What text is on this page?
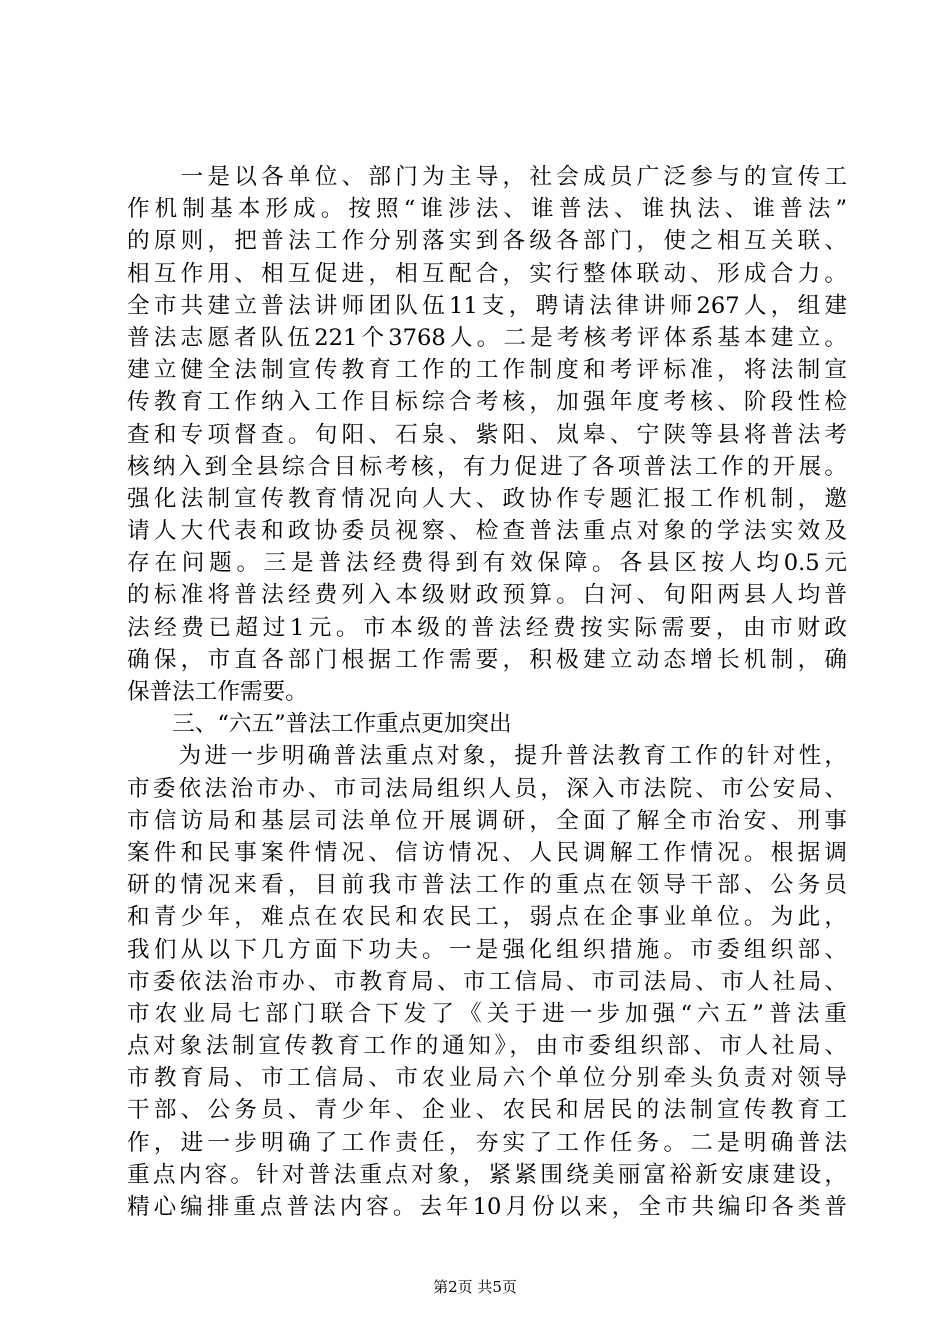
　　一是以各单位、部门为主导，社会成员广泛参与的宣传工
作机制基本形成。按照“谁涉法、谁普法、谁执法、谁普法”
的原则，把普法工作分别落实到各级各部门，使之相互关联、
相互作用、相互促进，相互配合，实行整体联动、形成合力。
全市共建立普法讲师团队伍11支，聘请法律讲师267人，组建
普法志愿者队伍221个3768人。二是考核考评体系基本建立。
建立健全法制宣传教育工作的工作制度和考评标准，将法制宣
传教育工作纳入工作目标综合考核，加强年度考核、阶段性检
查和专项督查。旬阳、石泉、紫阳、岚皋、宁陕等县将普法考
核纳入到全县综合目标考核，有力促进了各项普法工作的开展。
强化法制宣传教育情况向人大、政协作专题汇报工作机制，邀
请人大代表和政协委员视察、检查普法重点对象的学法实效及
存在问题。三是普法经费得到有效保障。各县区按人均0.5元
的标准将普法经费列入本级财政预算。白河、旬阳两县人均普
法经费已超过1元。市本级的普法经费按实际需要，由市财政
确保，市直各部门根据工作需要，积极建立动态增长机制，确
保普法工作需要。
　　三、“六五”普法工作重点更加突出
　　为进一步明确普法重点对象，提升普法教育工作的针对性，
市委依法治市办、市司法局组织人员，深入市法院、市公安局、
市信访局和基层司法单位开展调研，全面了解全市治安、刑事
案件和民事案件情况、信访情况、人民调解工作情况。根据调
研的情况来看，目前我市普法工作的重点在领导干部、公务员
和青少年，难点在农民和农民工，弱点在企事业单位。为此，
我们从以下几方面下功夫。一是强化组织措施。市委组织部、
市委依法治市办、市教育局、市工信局、市司法局、市人社局、
市农业局七部门联合下发了《关于进一步加强“六五”普法重
点对象法制宣传教育工作的通知》，由市委组织部、市人社局、
市教育局、市工信局、市农业局六个单位分别牵头负责对领导
干部、公务员、青少年、企业、农民和居民的法制宣传教育工
作，进一步明确了工作责任，夯实了工作任务。二是明确普法
重点内容。针对普法重点对象，紧紧围绕美丽富裕新安康建设，
精心编排重点普法内容。去年10月份以来，全市共编印各类普
第2页 共5页
